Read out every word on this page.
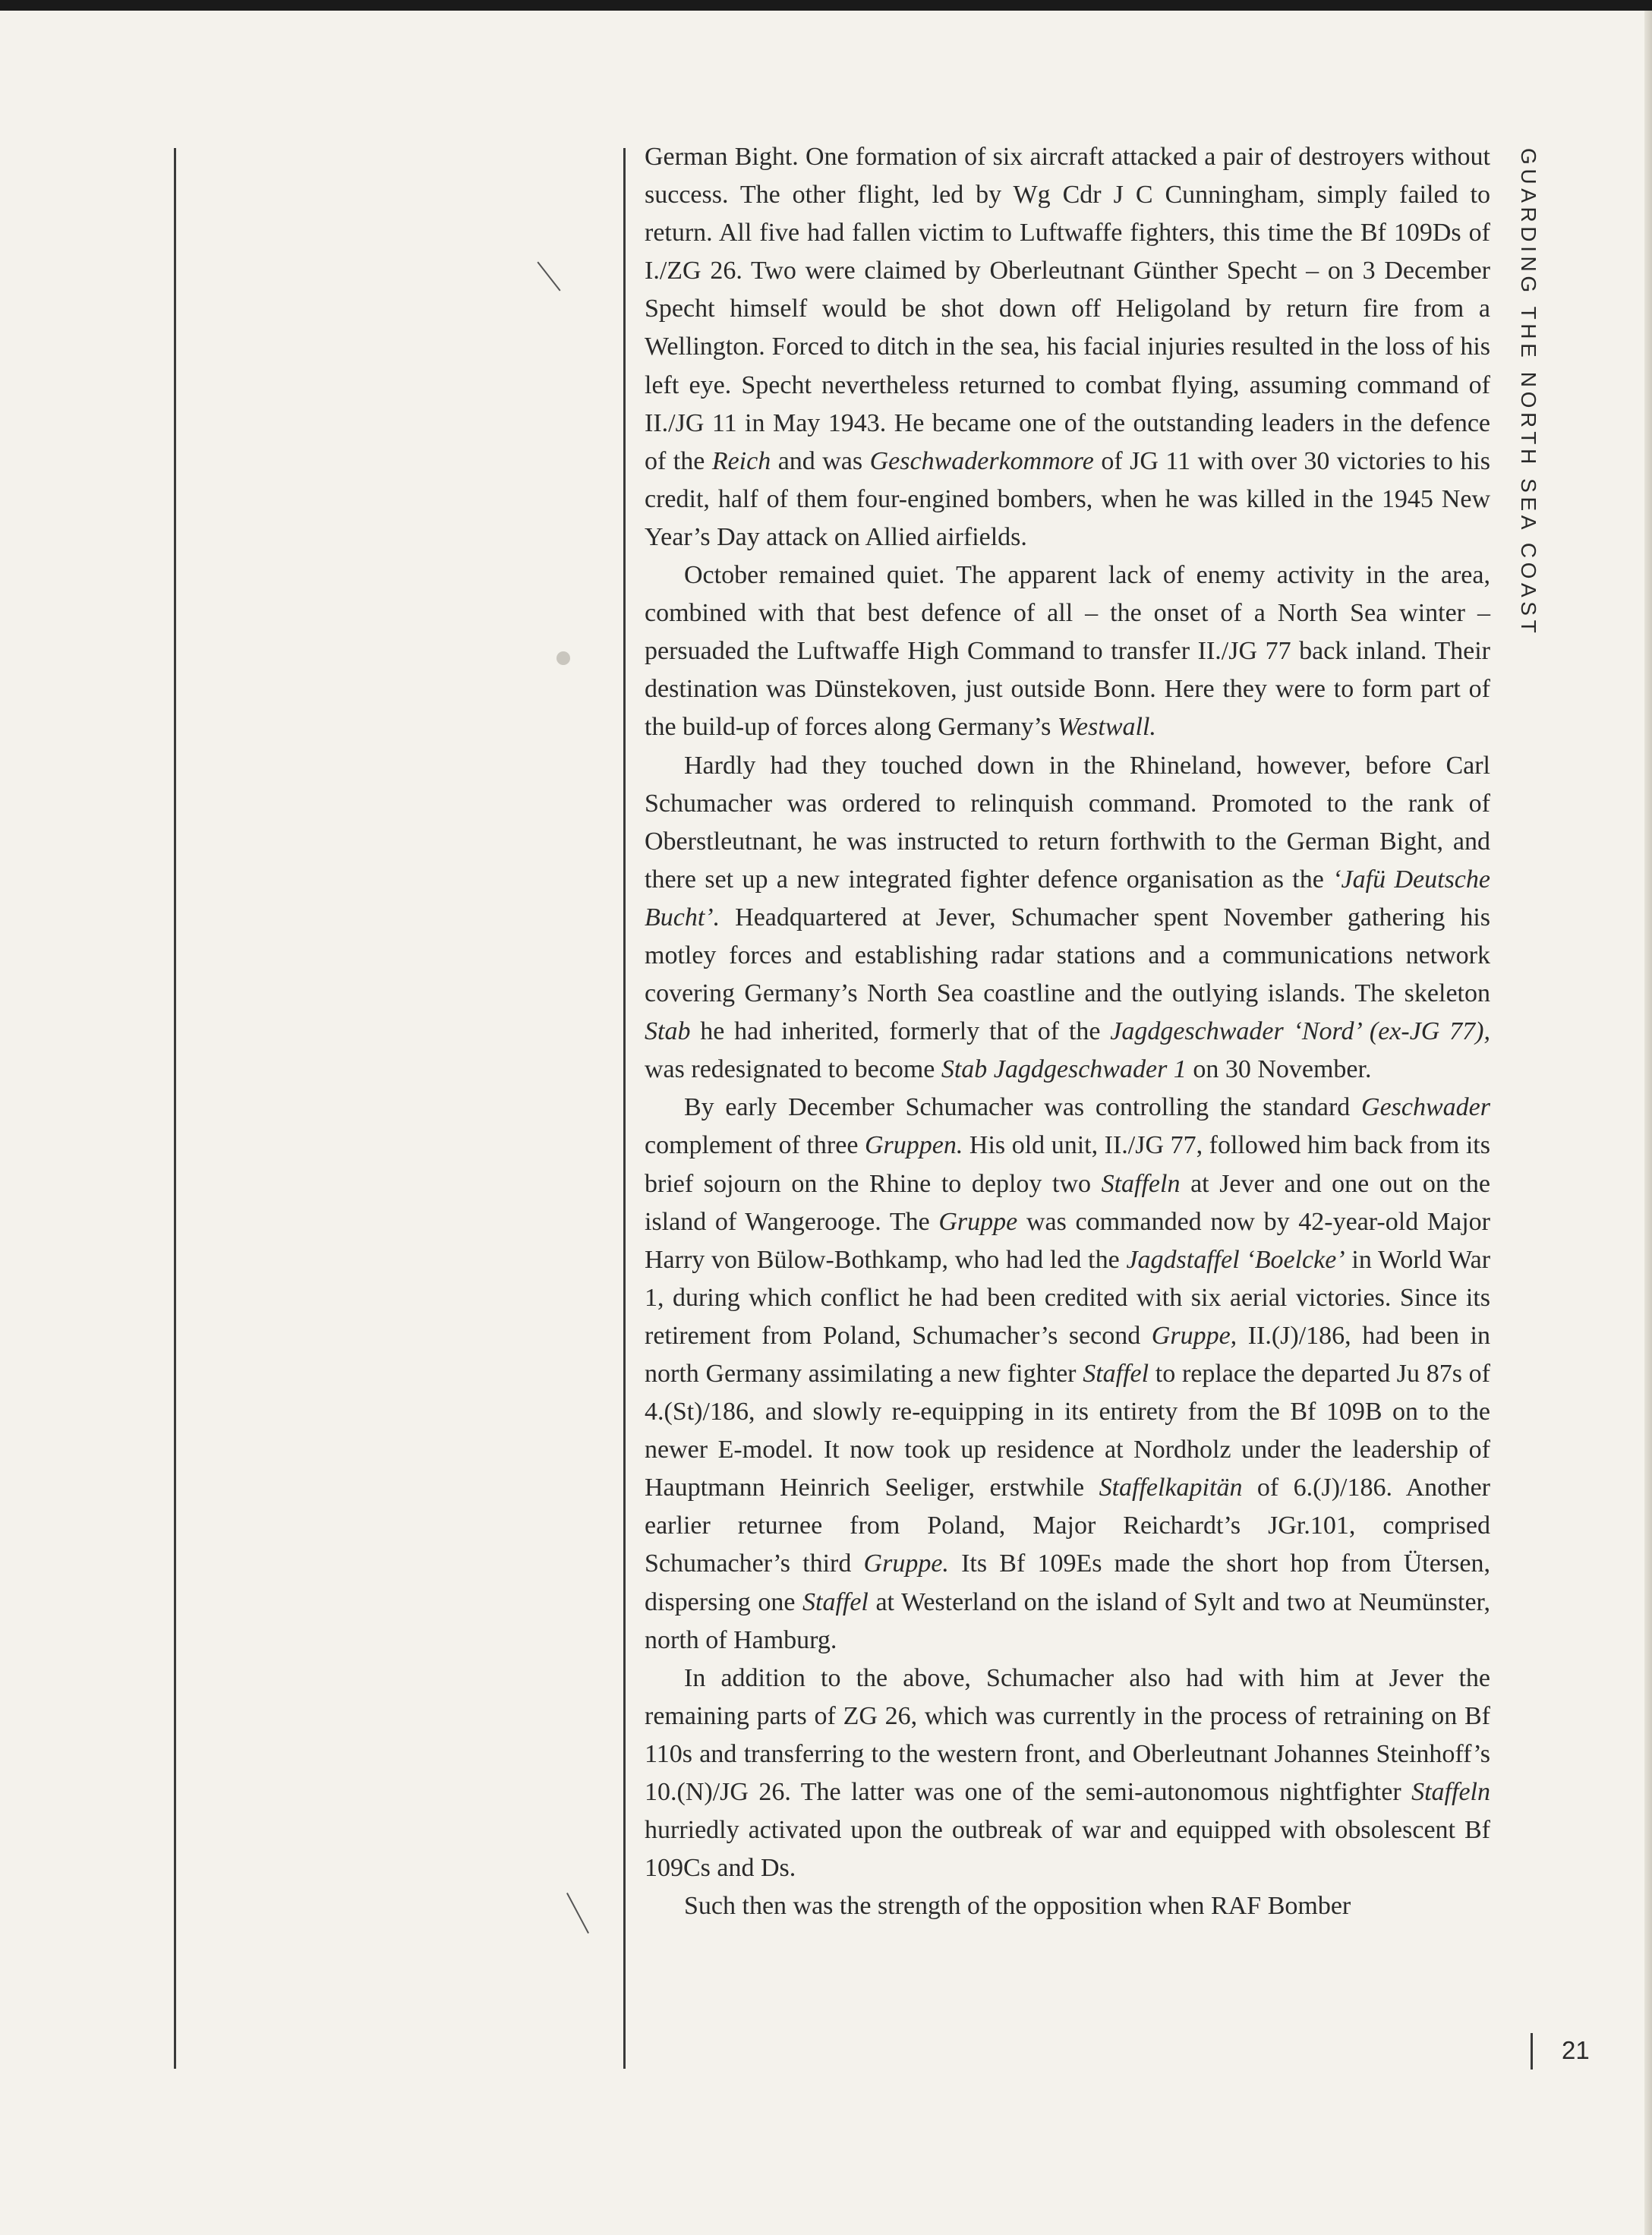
GUARDING THE NORTH SEA COAST

German Bight. One formation of six aircraft attacked a pair of destroyers without success. The other flight, led by Wg Cdr J C Cunningham, simply failed to return. All five had fallen victim to Luftwaffe fighters, this time the Bf 109Ds of I./ZG 26. Two were claimed by Oberleutnant Günther Specht – on 3 December Specht himself would be shot down off Heligoland by return fire from a Wellington. Forced to ditch in the sea, his facial injuries resulted in the loss of his left eye. Specht nevertheless returned to combat flying, assuming command of II./JG 11 in May 1943. He became one of the outstanding leaders in the defence of the Reich and was Geschwaderkommore of JG 11 with over 30 victories to his credit, half of them four-engined bombers, when he was killed in the 1945 New Year’s Day attack on Allied airfields.

October remained quiet. The apparent lack of enemy activity in the area, combined with that best defence of all – the onset of a North Sea winter – persuaded the Luftwaffe High Command to transfer II./JG 77 back inland. Their destination was Dünstekoven, just outside Bonn. Here they were to form part of the build-up of forces along Germany’s Westwall.

Hardly had they touched down in the Rhineland, however, before Carl Schumacher was ordered to relinquish command. Promoted to the rank of Oberstleutnant, he was instructed to return forthwith to the German Bight, and there set up a new integrated fighter defence organisation as the ‘Jafü Deutsche Bucht’. Headquartered at Jever, Schumacher spent November gathering his motley forces and establishing radar stations and a communications network covering Germany’s North Sea coastline and the outlying islands. The skeleton Stab he had inherited, formerly that of the Jagdgeschwader ‘Nord’ (ex-JG 77), was redesignated to become Stab Jagdgeschwader 1 on 30 November.

By early December Schumacher was controlling the standard Geschwader complement of three Gruppen. His old unit, II./JG 77, followed him back from its brief sojourn on the Rhine to deploy two Staffeln at Jever and one out on the island of Wangerooge. The Gruppe was commanded now by 42-year-old Major Harry von Bülow-Bothkamp, who had led the Jagdstaffel ‘Boelcke’ in World War 1, during which conflict he had been credited with six aerial victories. Since its retirement from Poland, Schumacher’s second Gruppe, II.(J)/186, had been in north Germany assimilating a new fighter Staffel to replace the departed Ju 87s of 4.(St)/186, and slowly re-equipping in its entirety from the Bf 109B on to the newer E-model. It now took up residence at Nordholz under the leadership of Hauptmann Heinrich Seeliger, erstwhile Staffelkapitän of 6.(J)/186. Another earlier returnee from Poland, Major Reichardt’s JGr.101, comprised Schumacher’s third Gruppe. Its Bf 109Es made the short hop from Ütersen, dispersing one Staffel at Westerland on the island of Sylt and two at Neumünster, north of Hamburg.

In addition to the above, Schumacher also had with him at Jever the remaining parts of ZG 26, which was currently in the process of retraining on Bf 110s and transferring to the western front, and Oberleutnant Johannes Steinhoff’s 10.(N)/JG 26. The latter was one of the semi-autonomous nightfighter Staffeln hurriedly activated upon the outbreak of war and equipped with obsolescent Bf 109Cs and Ds.

Such then was the strength of the opposition when RAF Bomber

21
